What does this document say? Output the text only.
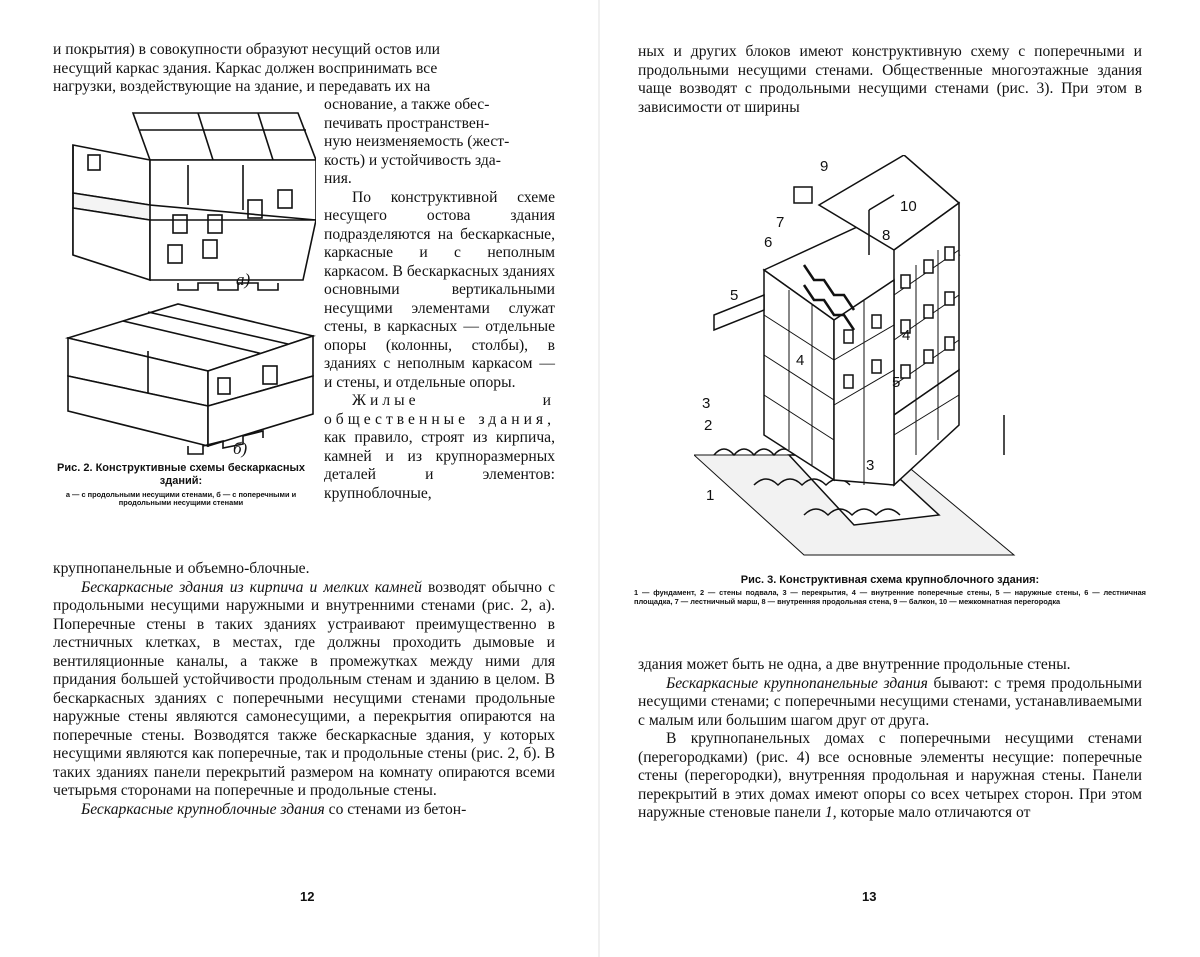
и покрытия) в совокупности образуют несущий остов или
несущий каркас здания. Каркас должен воспринимать все
нагрузки, воздействующие на здание, и передавать их на
основание, а также обес-
печивать пространствен-
ную неизменяемость (жест-
кость) и устойчивость зда-
ния.

По конструктивной схеме несущего остова здания подразделяются на бескаркасные, каркасные и с неполным каркасом. В бескаркасных зданиях основными вертикальными несущими элементами служат стены, в каркасных — отдельные опоры (колонны, столбы), в зданиях с неполным каркасом — и стены, и отдельные опоры.

Жилые и общественные здания, как правило, строят из кирпича, камней и из крупноразмерных деталей и элементов: крупноблочные,

а)
б)
Рис. 2. Конструктивные схемы бескаркасных зданий:
а — с продольными несущими стенами, б — с поперечными и продольными несущими стенами

крупнопанельные и объемно-блочные.

Бескаркасные здания из кирпича и мелких камней возводят обычно с продольными несущими наружными и внутренними стенами (рис. 2, а). Поперечные стены в таких зданиях устраивают преимущественно в лестничных клетках, в местах, где должны проходить дымовые и вентиляционные каналы, а также в промежутках между ними для придания большей устойчивости продольным стенам и зданию в целом. В бескаркасных зданиях с поперечными несущими стенами продольные наружные стены являются самонесущими, а перекрытия опираются на поперечные стены. Возводятся также бескаркасные здания, у которых несущими являются как поперечные, так и продольные стены (рис. 2, б). В таких зданиях панели перекрытий размером на комнату опираются всеми четырьмя сторонами на поперечные и продольные стены.

Бескаркасные крупноблочные здания со стенами из бетон-

12

ных и других блоков имеют конструктивную схему с поперечными и продольными несущими стенами. Общественные многоэтажные здания чаще возводят с продольными несущими стенами (рис. 3). При этом в зависимости от ширины

1
2
3
3
4
4
5
5
6
7
8
9
10
Рис. 3. Конструктивная схема крупноблочного здания:
1 — фундамент, 2 — стены подвала, 3 — перекрытия, 4 — внутренние поперечные стены, 5 — наружные стены, 6 — лестничная площадка, 7 — лестничный марш, 8 — внутренняя продольная стена, 9 — балкон, 10 — межкомнатная перегородка

здания может быть не одна, а две внутренние продольные стены.

Бескаркасные крупнопанельные здания бывают: с тремя продольными несущими стенами; с поперечными несущими стенами, устанавливаемыми с малым или большим шагом друг от друга.

В крупнопанельных домах с поперечными несущими стенами (перегородками) (рис. 4) все основные элементы несущие: поперечные стены (перегородки), внутренняя продольная и наружная стены. Панели перекрытий в этих домах имеют опоры со всех четырех сторон. При этом наружные стеновые панели 1, которые мало отличаются от

13
